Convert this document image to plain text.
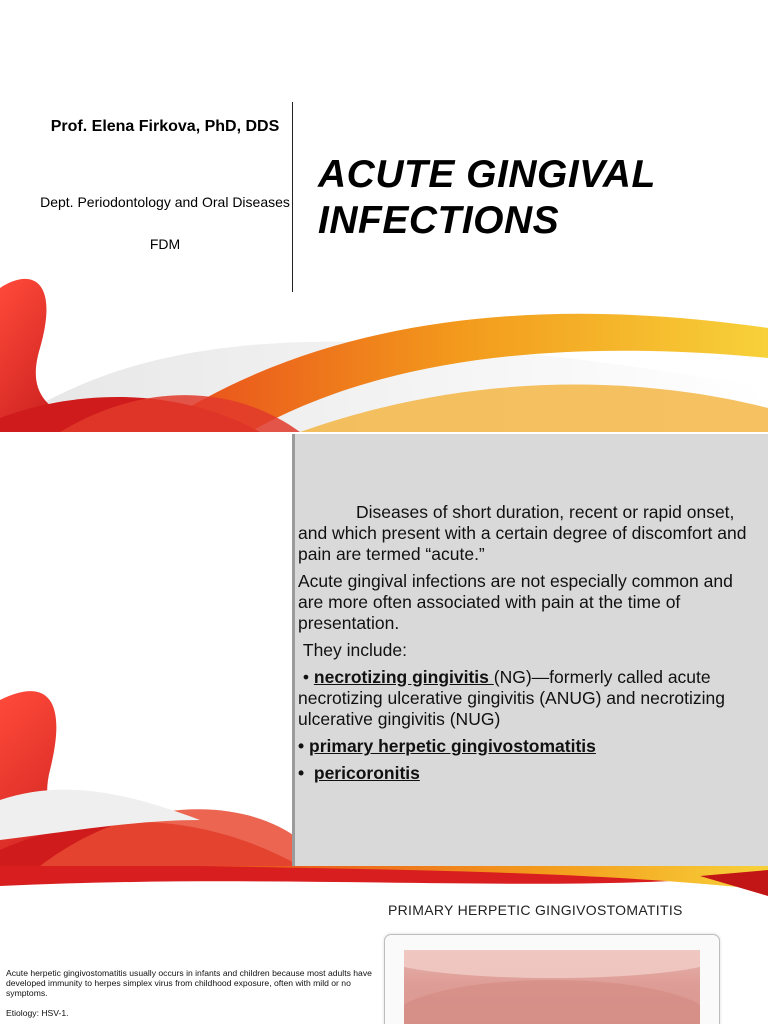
Prof. Elena Firkova, PhD, DDS
Dept. Periodontology and Oral Diseases
FDM
ACUTE GINGIVAL INFECTIONS

Diseases of short duration, recent or rapid onset, and which present with a certain degree of discomfort and pain are termed “acute.”

Acute gingival infections are not especially common and are more often associated with pain at the time of presentation.

They include:

• necrotizing gingivitis (NG)—formerly called acute necrotizing ulcerative gingivitis (ANUG) and necrotizing ulcerative gingivitis (NUG)

• primary herpetic gingivostomatitis

• pericoronitis

PRIMARY HERPETIC GINGIVOSTOMATITIS
Acute herpetic gingivostomatitis usually occurs in infants and children because most adults have developed immunity to herpes simplex virus from childhood exposure, often with mild or no symptoms.
Etiology: HSV-1.
